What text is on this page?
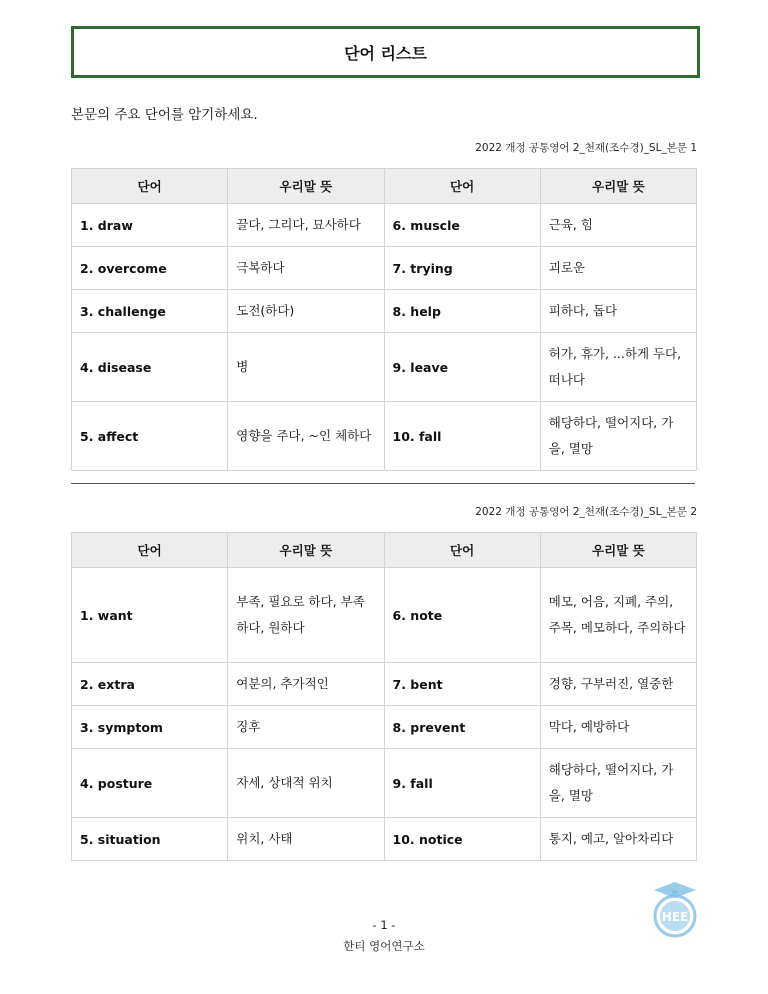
단어 리스트
본문의 주요 단어를 암기하세요.
2022 개정 공통영어 2_천재(조수경)_SL_본문 1
단어	우리말 뜻	단어	우리말 뜻
1. draw	끌다, 그리다, 묘사하다	6. muscle	근육, 힘
2. overcome	극복하다	7. trying	괴로운
3. challenge	도전(하다)	8. help	피하다, 돕다
4. disease	병	9. leave	허가, 휴가, ...하게 두다, 떠나다
5. affect	영향을 주다, ~인 체하다	10. fall	해당하다, 떨어지다, 가을, 멸망
2022 개정 공통영어 2_천재(조수경)_SL_본문 2
단어	우리말 뜻	단어	우리말 뜻
1. want	부족, 필요로 하다, 부족하다, 원하다	6. note	메모, 어음, 지폐, 주의, 주목, 메모하다, 주의하다
2. extra	여분의, 추가적인	7. bent	경향, 구부러진, 열중한
3. symptom	징후	8. prevent	막다, 예방하다
4. posture	자세, 상대적 위치	9. fall	해당하다, 떨어지다, 가을, 멸망
5. situation	위치, 사태	10. notice	통지, 예고, 알아차리다
- 1 -
한티 영어연구소
HEE
